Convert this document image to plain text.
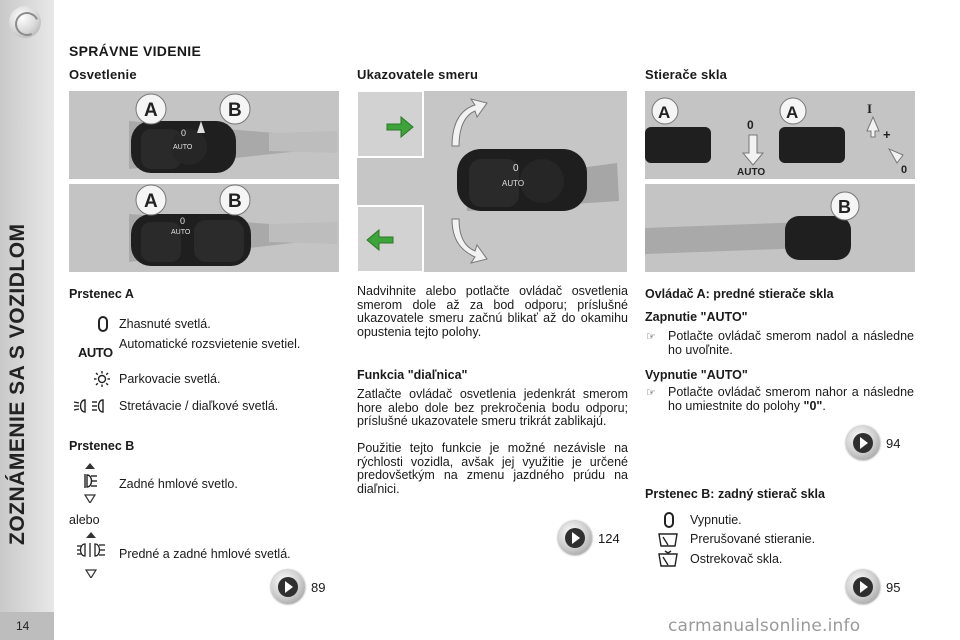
ZOZNÁMENIE SA S VOZIDLOM
14
SPRÁVNE VIDENIE
Osvetlenie	Ukazovatele smeru	Stierače skla
0
AUTO
A	B
0
AUTO
A	B
0
AUTO
A	A
0
AUTO
I
+
0
B
Prstenec A
Zhasnuté svetlá.
AUTO
Automatické rozsvietenie svetiel.
Parkovacie svetlá.
Stretávacie / diaľkové svetlá.
Prstenec B
Zadné hmlové svetlo.
alebo
Predné a zadné hmlové svetlá.
89
Nadvihnite alebo potlačte ovládač osvetlenia smerom dole až za bod odporu; príslušné ukazovatele smeru začnú blikať až do okamihu opustenia tejto polohy.
Funkcia "diaľnica"
Zatlačte ovládač osvetlenia jedenkrát smerom hore alebo dole bez prekročenia bodu odporu; príslušné ukazovatele smeru trikrát zablikajú.
Použitie tejto funkcie je možné nezávisle na rýchlosti vozidla, avšak jej využitie je určené predovšetkým na zmenu jazdného prúdu na diaľnici.
124
Ovládač A: predné stierače skla
Zapnutie "AUTO"
☞ Potlačte ovládač smerom nadol a následne ho uvoľnite.
Vypnutie "AUTO"
☞ Potlačte ovládač smerom nahor a následne ho umiestnite do polohy "0".
94
Prstenec B: zadný stierač skla
Vypnutie.
Prerušované stieranie.
Ostrekovač skla.
95
carmanualsonline.info
